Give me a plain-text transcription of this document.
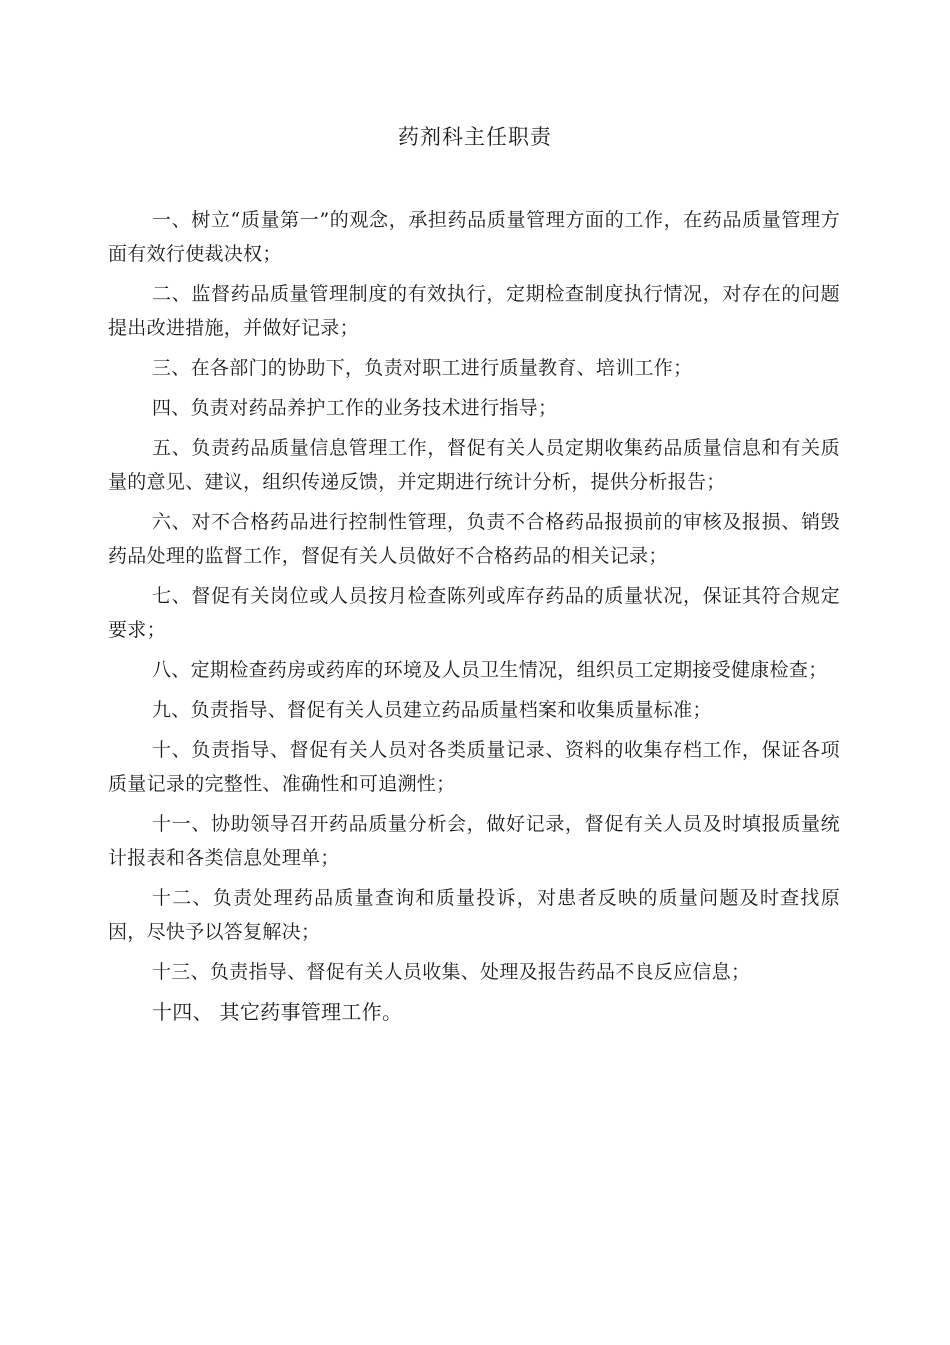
药剂科主任职责

一、树立“质量第一”的观念，承担药品质量管理方面的工作，在药品质量管理方面有效行使裁决权；

二、监督药品质量管理制度的有效执行，定期检查制度执行情况，对存在的问题提出改进措施，并做好记录；

三、在各部门的协助下，负责对职工进行质量教育、培训工作；

四、负责对药品养护工作的业务技术进行指导；

五、负责药品质量信息管理工作，督促有关人员定期收集药品质量信息和有关质量的意见、建议，组织传递反馈，并定期进行统计分析，提供分析报告；

六、对不合格药品进行控制性管理，负责不合格药品报损前的审核及报损、销毁药品处理的监督工作，督促有关人员做好不合格药品的相关记录；

七、督促有关岗位或人员按月检查陈列或库存药品的质量状况，保证其符合规定要求；

八、定期检查药房或药库的环境及人员卫生情况，组织员工定期接受健康检查；

九、负责指导、督促有关人员建立药品质量档案和收集质量标准；

十、负责指导、督促有关人员对各类质量记录、资料的收集存档工作，保证各项质量记录的完整性、准确性和可追溯性；

十一、协助领导召开药品质量分析会，做好记录，督促有关人员及时填报质量统计报表和各类信息处理单；

十二、负责处理药品质量查询和质量投诉，对患者反映的质量问题及时查找原因，尽快予以答复解决；

十三、负责指导、督促有关人员收集、处理及报告药品不良反应信息；

十四、 其它药事管理工作。
